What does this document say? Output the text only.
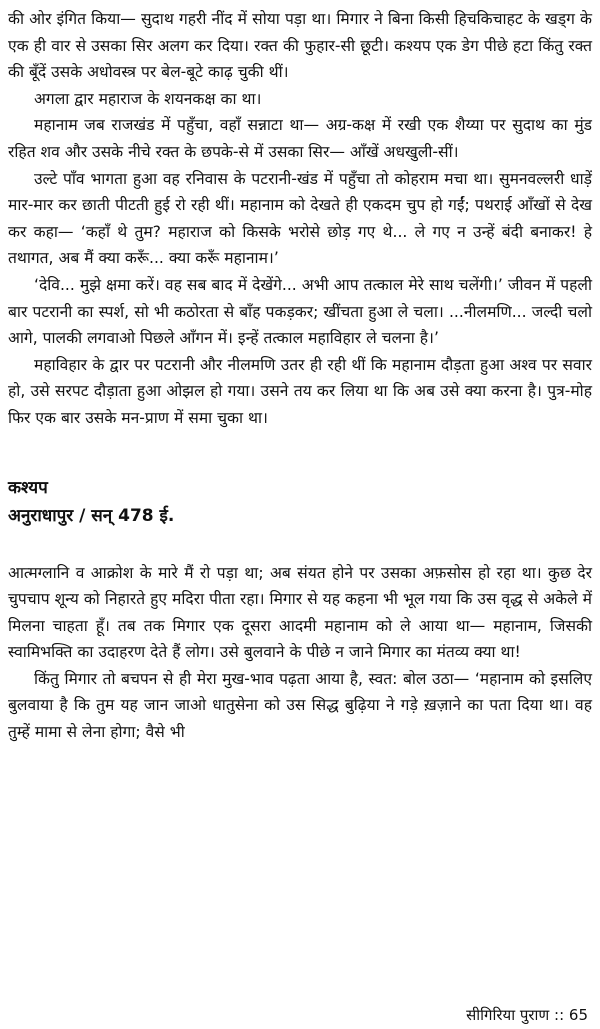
की ओर इंगित किया— सुदाथ गहरी नींद में सोया पड़ा था। मिगार ने बिना किसी हिचकिचाहट के खड्ग के एक ही वार से उसका सिर अलग कर दिया। रक्त की फुहार-सी छूटी। कश्यप एक डेग पीछे हटा किंतु रक्त की बूँदें उसके अधोवस्त्र पर बेल-बूटे काढ़ चुकी थीं।

अगला द्वार महाराज के शयनकक्ष का था।

महानाम जब राजखंड में पहुँचा, वहाँ सन्नाटा था— अग्र-कक्ष में रखी एक शैय्या पर सुदाथ का मुंड रहित शव और उसके नीचे रक्त के छपके-से में उसका सिर— आँखें अधखुली-सीं।

उल्टे पाँव भागता हुआ वह रनिवास के पटरानी-खंड में पहुँचा तो कोहराम मचा था। सुमनवल्लरी धाड़ें मार-मार कर छाती पीटती हुई रो रही थीं। महानाम को देखते ही एकदम चुप हो गईं; पथराई आँखों से देख कर कहा— ‘कहाँ थे तुम? महाराज को किसके भरोसे छोड़ गए थे... ले गए न उन्हें बंदी बनाकर! हे तथागत, अब मैं क्या करूँ... क्या करूँ महानाम।’

‘देवि... मुझे क्षमा करें। वह सब बाद में देखेंगे... अभी आप तत्काल मेरे साथ चलेंगी।’ जीवन में पहली बार पटरानी का स्पर्श, सो भी कठोरता से बाँह पकड़कर; खींचता हुआ ले चला। ...नीलमणि... जल्दी चलो आगे, पालकी लगवाओ पिछले आँगन में। इन्हें तत्काल महाविहार ले चलना है।’

महाविहार के द्वार पर पटरानी और नीलमणि उतर ही रही थीं कि महानाम दौड़ता हुआ अश्व पर सवार हो, उसे सरपट दौड़ाता हुआ ओझल हो गया। उसने तय कर लिया था कि अब उसे क्या करना है। पुत्र-मोह फिर एक बार उसके मन-प्राण में समा चुका था।

कश्यप
अनुराधापुर / सन् 478 ई.

आत्मग्लानि व आक्रोश के मारे मैं रो पड़ा था; अब संयत होने पर उसका अफ़सोस हो रहा था। कुछ देर चुपचाप शून्य को निहारते हुए मदिरा पीता रहा। मिगार से यह कहना भी भूल गया कि उस वृद्ध से अकेले में मिलना चाहता हूँ। तब तक मिगार एक दूसरा आदमी महानाम को ले आया था— महानाम, जिसकी स्वामिभक्ति का उदाहरण देते हैं लोग। उसे बुलवाने के पीछे न जाने मिगार का मंतव्य क्या था!

किंतु मिगार तो बचपन से ही मेरा मुख-भाव पढ़ता आया है, स्वत: बोल उठा— ‘महानाम को इसलिए बुलवाया है कि तुम यह जान जाओ धातुसेना को उस सिद्ध बुढ़िया ने गड़े ख़ज़ाने का पता दिया था। वह तुम्हें मामा से लेना होगा; वैसे भी

सीगिरिया पुराण :: 65
